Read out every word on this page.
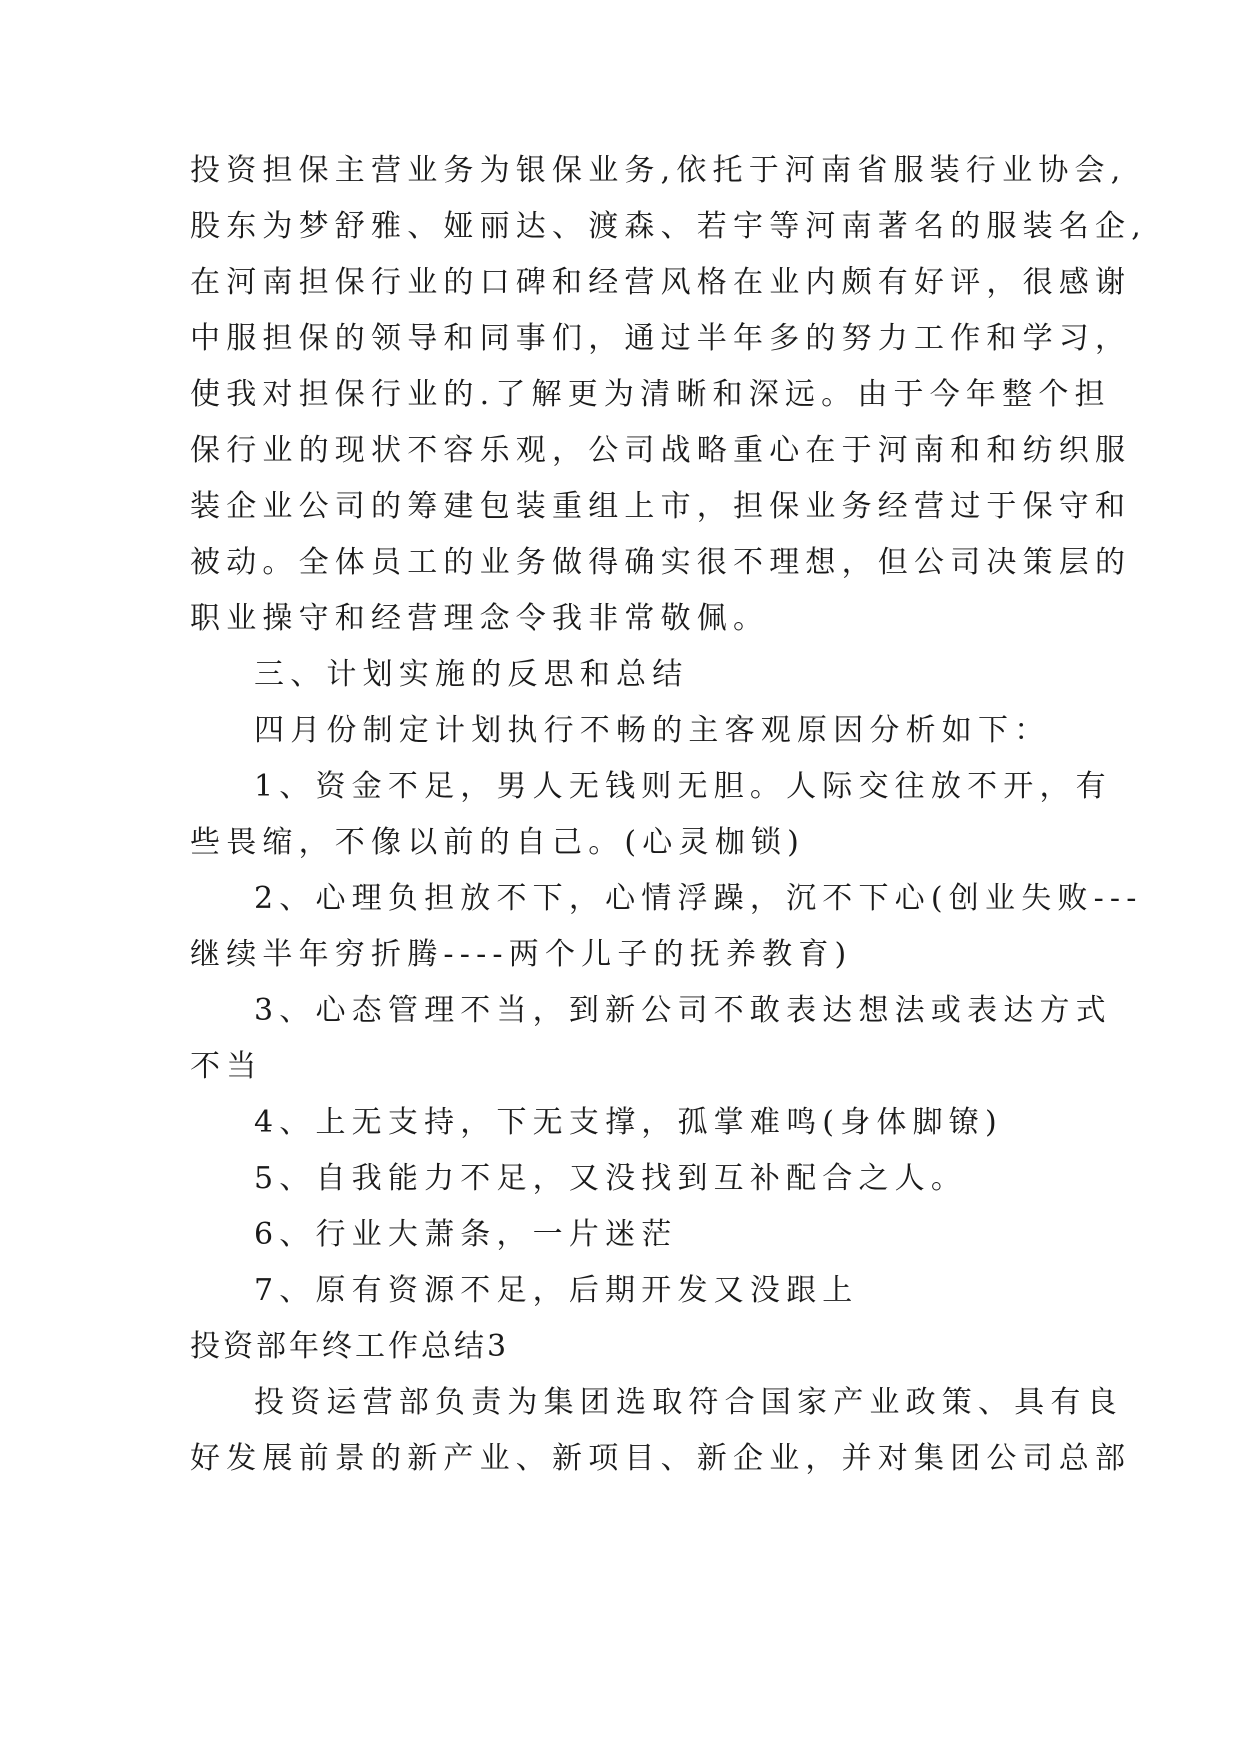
投资担保主营业务为银保业务,依托于河南省服装行业协会,
股东为梦舒雅、娅丽达、渡森、若宇等河南著名的服装名企,
在河南担保行业的口碑和经营风格在业内颇有好评，很感谢
中服担保的领导和同事们，通过半年多的努力工作和学习，
使我对担保行业的.了解更为清晰和深远。由于今年整个担
保行业的现状不容乐观，公司战略重心在于河南和和纺织服
装企业公司的筹建包装重组上市，担保业务经营过于保守和
被动。全体员工的业务做得确实很不理想，但公司决策层的
职业操守和经营理念令我非常敬佩。
三、计划实施的反思和总结
四月份制定计划执行不畅的主客观原因分析如下：
1、资金不足，男人无钱则无胆。人际交往放不开，有
些畏缩，不像以前的自己。(心灵枷锁)
2、心理负担放不下，心情浮躁，沉不下心(创业失败---
继续半年穷折腾----两个儿子的抚养教育)
3、心态管理不当，到新公司不敢表达想法或表达方式
不当
4、上无支持，下无支撑，孤掌难鸣(身体脚镣)
5、自我能力不足，又没找到互补配合之人。
6、行业大萧条，一片迷茫
7、原有资源不足，后期开发又没跟上
投资部年终工作总结3
投资运营部负责为集团选取符合国家产业政策、具有良
好发展前景的新产业、新项目、新企业，并对集团公司总部
